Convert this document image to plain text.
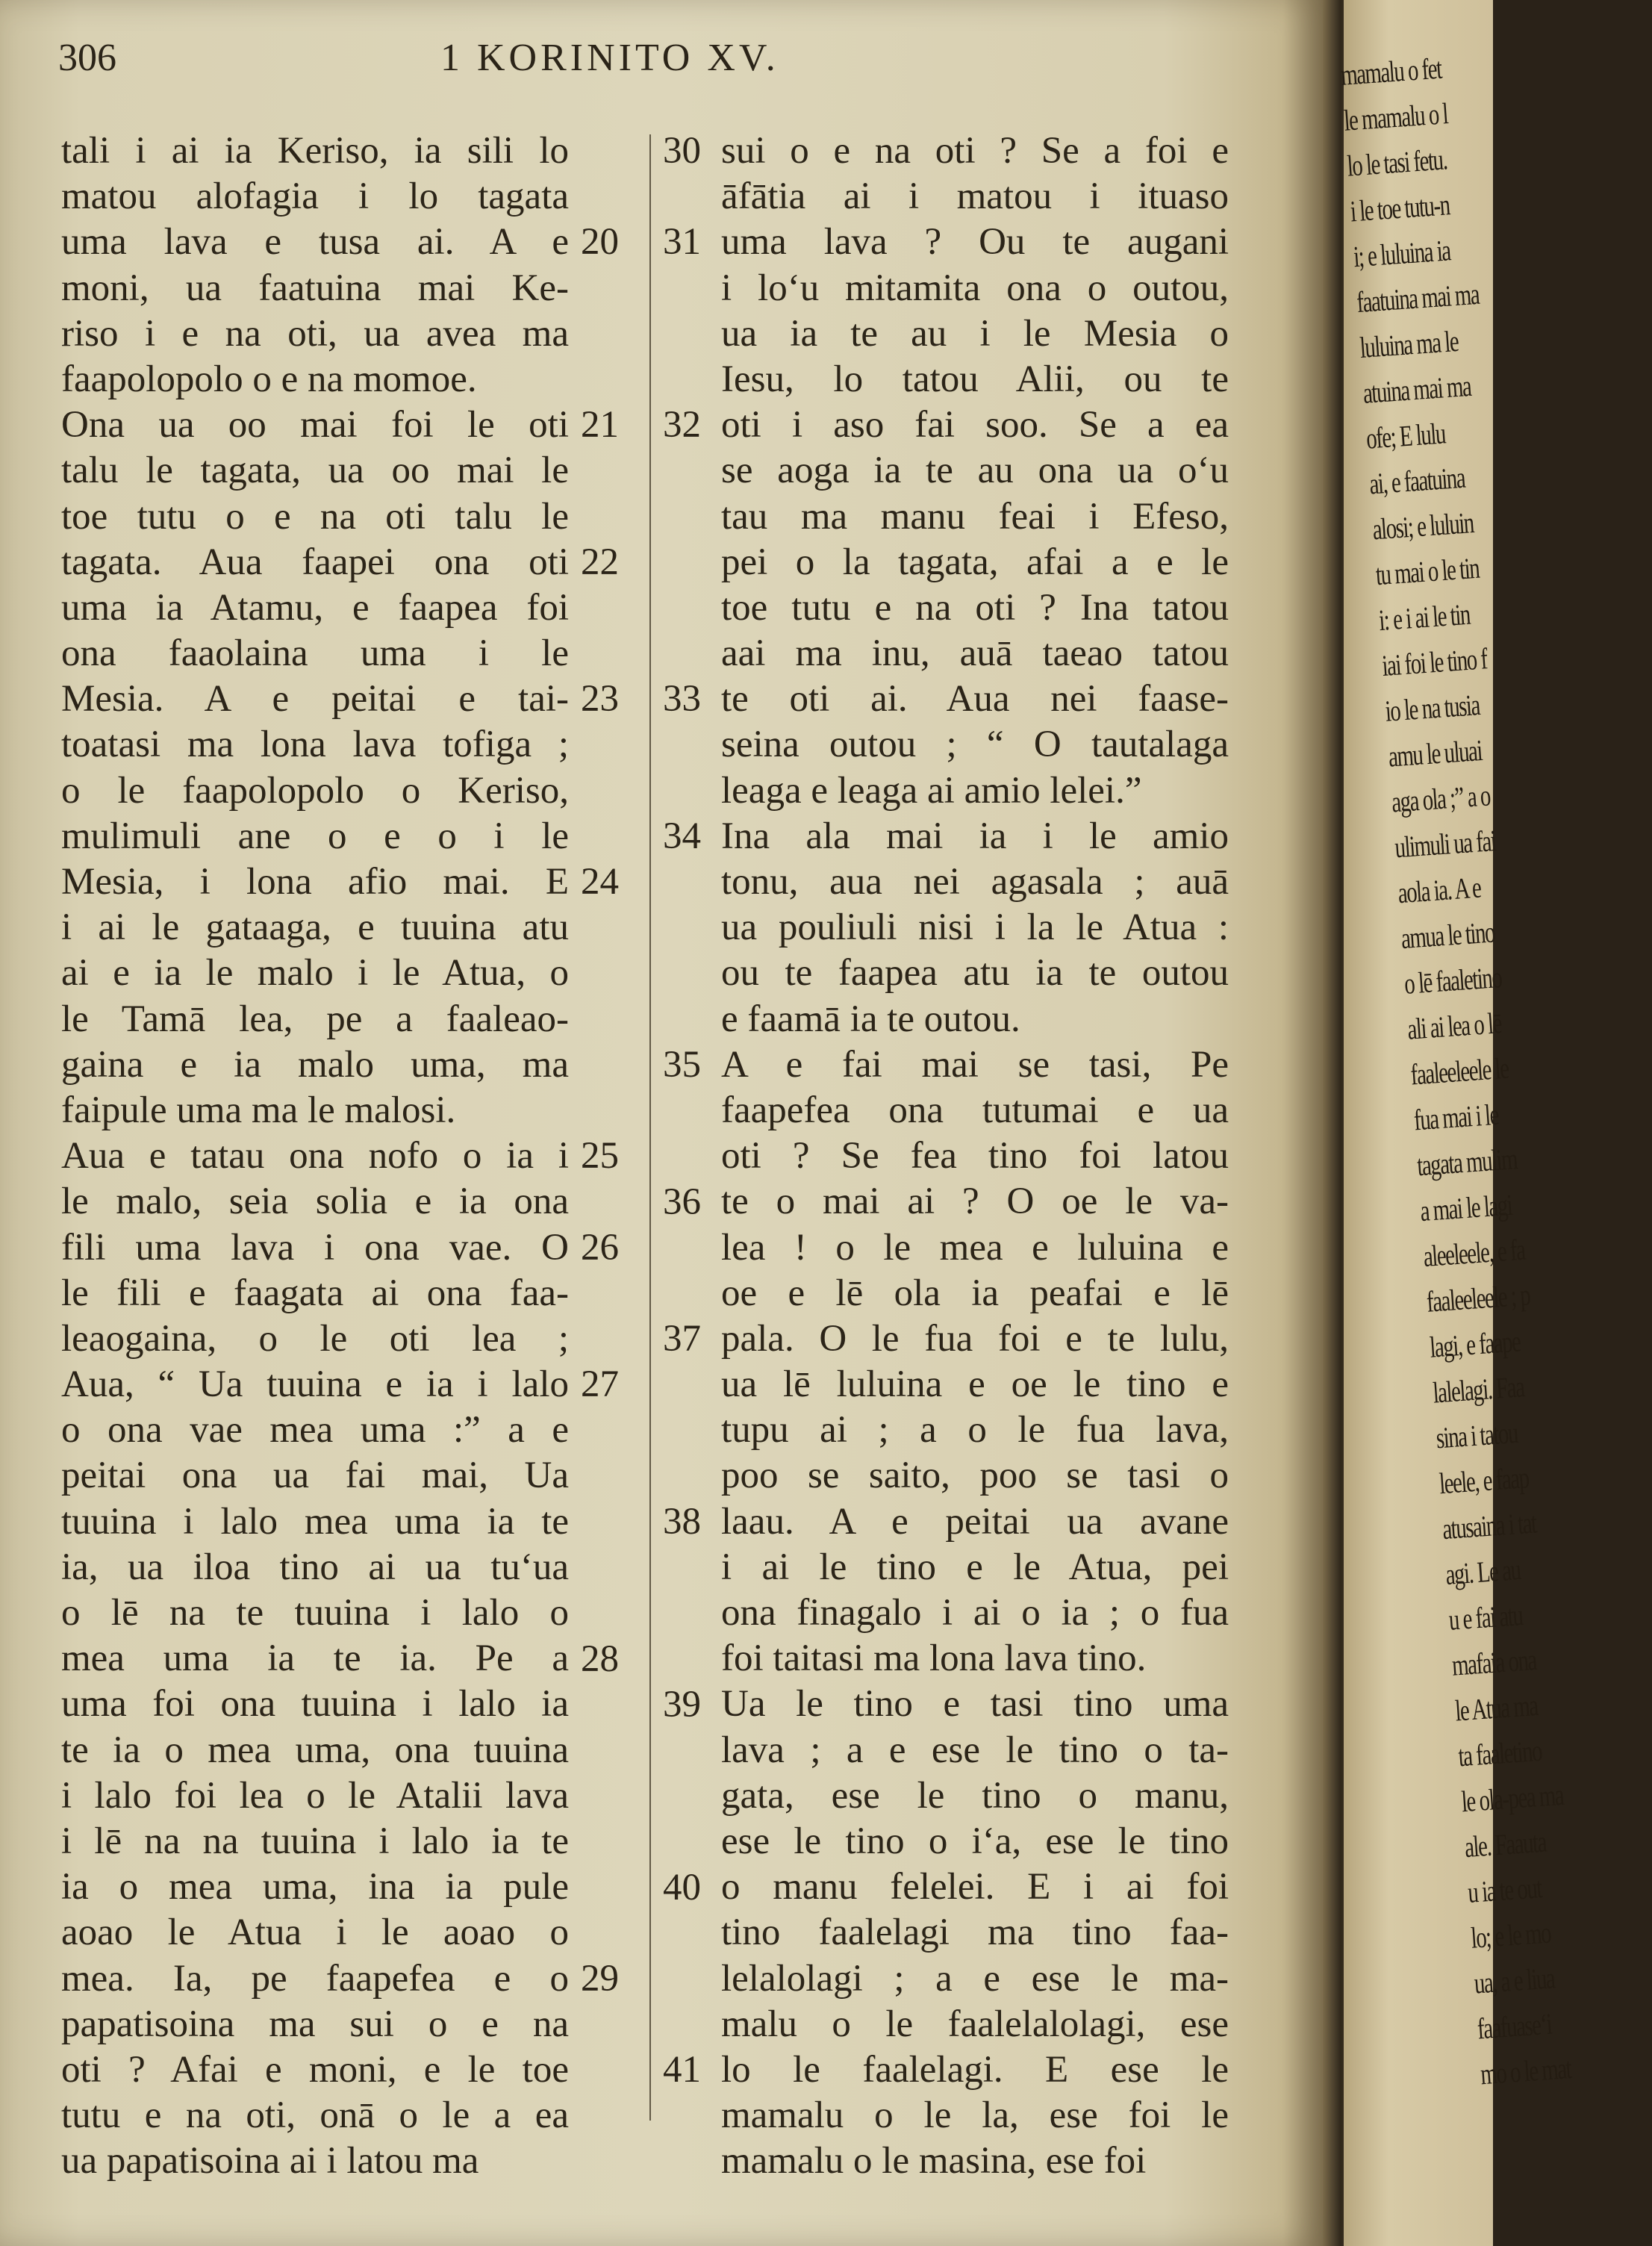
306	1 KORINITO XV.
tali i ai ia Keriso, ia sili lo
matou alofagia i lo tagata
uma lava e tusa ai. A e
moni, ua faatuina mai Ke-
riso i e na oti, ua avea ma
faapolopolo o e na momoe.
Ona ua oo mai foi le oti
talu le tagata, ua oo mai le
toe tutu o e na oti talu le
tagata. Aua faapei ona oti
uma ia Atamu, e faapea foi
ona faaolaina uma i le
Mesia. A e peitai e tai-
toatasi ma lona lava tofiga ;
o le faapolopolo o Keriso,
mulimuli ane o e o i le
Mesia, i lona afio mai. E
i ai le gataaga, e tuuina atu
ai e ia le malo i le Atua, o
le Tamā lea, pe a faaleao-
gaina e ia malo uma, ma
faipule uma ma le malosi.
Aua e tatau ona nofo o ia i
le malo, seia solia e ia ona
fili uma lava i ona vae. O
le fili e faagata ai ona faa-
leaogaina, o le oti lea ;
Aua, “ Ua tuuina e ia i lalo
o ona vae mea uma :” a e
peitai ona ua fai mai, Ua
tuuina i lalo mea uma ia te
ia, ua iloa tino ai ua tuʻua
o lē na te tuuina i lalo o
mea uma ia te ia. Pe a
uma foi ona tuuina i lalo ia
te ia o mea uma, ona tuuina
i lalo foi lea o le Atalii lava
i lē na na tuuina i lalo ia te
ia o mea uma, ina ia pule
aoao le Atua i le aoao o
mea. Ia, pe faapefea e o
papatisoina ma sui o e na
oti ? Afai e moni, e le toe
tutu e na oti, onā o le a ea
ua papatisoina ai i latou ma
20
21
22
23
24
25
26
27
28
29
30
31
32
33
34
35
36
37
38
39
40
41
sui o e na oti ? Se a foi e
āfātia ai i matou i ituaso
uma lava ? Ou te augani
i loʻu mitamita ona o outou,
ua ia te au i le Mesia o
Iesu, lo tatou Alii, ou te
oti i aso fai soo. Se a ea
se aoga ia te au ona ua oʻu
tau ma manu feai i Efeso,
pei o la tagata, afai a e le
toe tutu e na oti ? Ina tatou
aai ma inu, auā taeao tatou
te oti ai. Aua nei faase-
seina outou ; “ O tautalaga
leaga e leaga ai amio lelei.”
Ina ala mai ia i le amio
tonu, aua nei agasala ; auā
ua pouliuli nisi i la le Atua :
ou te faapea atu ia te outou
e faamā ia te outou.
A e fai mai se tasi, Pe
faapefea ona tutumai e ua
oti ? Se fea tino foi latou
te o mai ai ? O oe le va-
lea ! o le mea e luluina e
oe e lē ola ia peafai e lē
pala. O le fua foi e te lulu,
ua lē luluina e oe le tino e
tupu ai ; a o le fua lava,
poo se saito, poo se tasi o
laau. A e peitai ua avane
i ai le tino e le Atua, pei
ona finagalo i ai o ia ; o fua
foi taitasi ma lona lava tino.
Ua le tino e tasi tino uma
lava ; a e ese le tino o ta-
gata, ese le tino o manu,
ese le tino o iʻa, ese le tino
o manu felelei. E i ai foi
tino faalelagi ma tino faa-
lelalolagi ; a e ese le ma-
malu o le faalelalolagi, ese
lo le faalelagi. E ese le
mamalu o le la, ese foi le
mamalu o le masina, ese foi
mamalu o fet
le mamalu o l
lo le tasi fetu.
i le toe tutu-n
i; e luluina ia
faatuina mai ma
luluina ma le
atuina mai ma
ofe; E lulu
ai, e faatuina
alosi; e luluin
tu mai o le tin
i: e i ai le tin
iai foi le tino f
io le na tusia
amu le uluai
aga ola ;” a o
ulimuli ua fai
aola ia. A e
amua le tino
o lē faaletino
ali ai lea o lē
faaleeleele le
fua mai i le
tagata mulim
a mai le lagi
aleeleele, e fa
faaleeleele ; p
lagi, e faape
lalelagi. Faa
sina i tatou
leele, e faap
atusaina i tat
agi. Le au
u e fai atu
mafaia ona
le Atua ma
ta faaletino
le ola-pea ma
ale. Faauta
u ia te out
lo; e le mo
ua, a e liua
faafuaseʻi
mo o le mat
